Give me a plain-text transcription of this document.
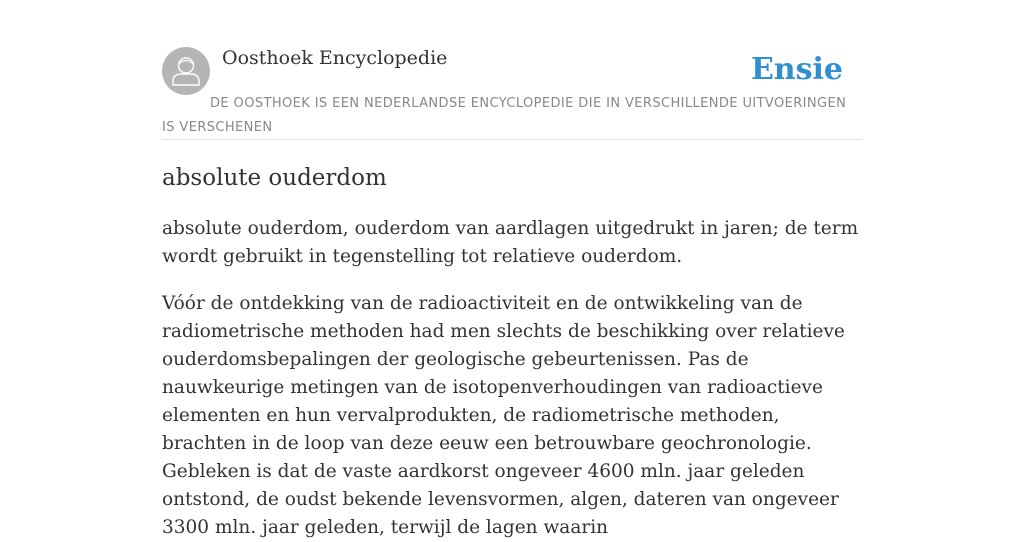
Oosthoek Encyclopedie	Ensie
DE OOSTHOEK IS EEN NEDERLANDSE ENCYCLOPEDIE DIE IN VERSCHILLENDE UITVOERINGEN IS VERSCHENEN
absolute ouderdom

absolute ouderdom, ouderdom van aardlagen uitgedrukt in jaren; de term wordt gebruikt in tegenstelling tot relatieve ouderdom.

Vóór de ontdekking van de radioactiviteit en de ontwikkeling van de radiometrische methoden had men slechts de beschikking over relatieve ouderdomsbepalingen der geologische gebeurtenissen. Pas de nauwkeurige metingen van de isotopenverhoudingen van radioactieve elementen en hun vervalprodukten, de radiometrische methoden, brachten in de loop van deze eeuw een betrouwbare geochronologie. Gebleken is dat de vaste aardkorst ongeveer 4600 mln. jaar geleden ontstond, de oudst bekende levensvormen, algen, dateren van ongeveer 3300 mln. jaar geleden, terwijl de lagen waarin
